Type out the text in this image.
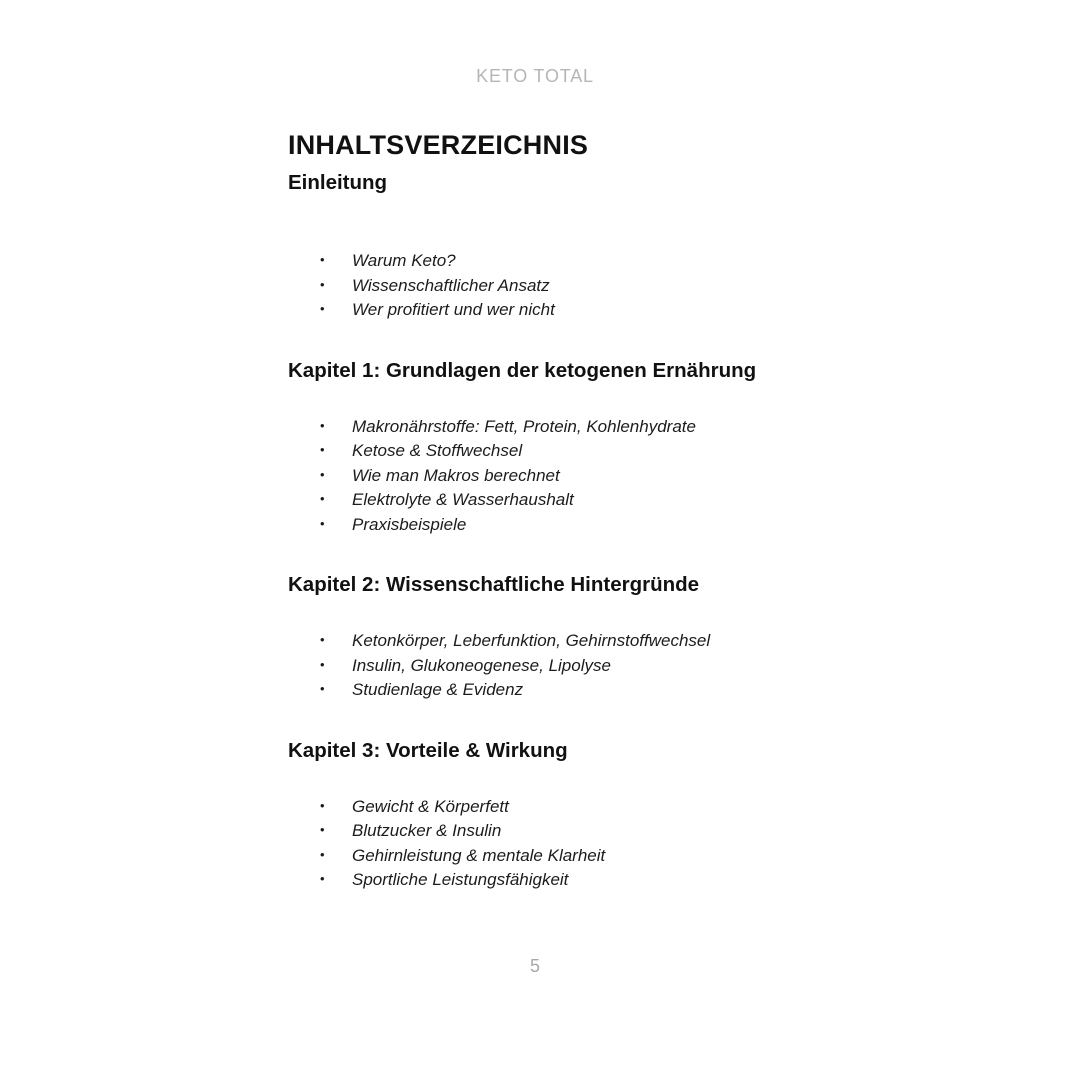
KETO TOTAL
INHALTSVERZEICHNIS
Einleitung
• Warum Keto?
• Wissenschaftlicher Ansatz
• Wer profitiert und wer nicht
Kapitel 1: Grundlagen der ketogenen Ernährung
• Makronährstoffe: Fett, Protein, Kohlenhydrate
• Ketose & Stoffwechsel
• Wie man Makros berechnet
• Elektrolyte & Wasserhaushalt
• Praxisbeispiele
Kapitel 2: Wissenschaftliche Hintergründe
• Ketonkörper, Leberfunktion, Gehirnstoffwechsel
• Insulin, Glukoneogenese, Lipolyse
• Studienlage & Evidenz
Kapitel 3: Vorteile & Wirkung
• Gewicht & Körperfett
• Blutzucker & Insulin
• Gehirnleistung & mentale Klarheit
• Sportliche Leistungsfähigkeit
5
